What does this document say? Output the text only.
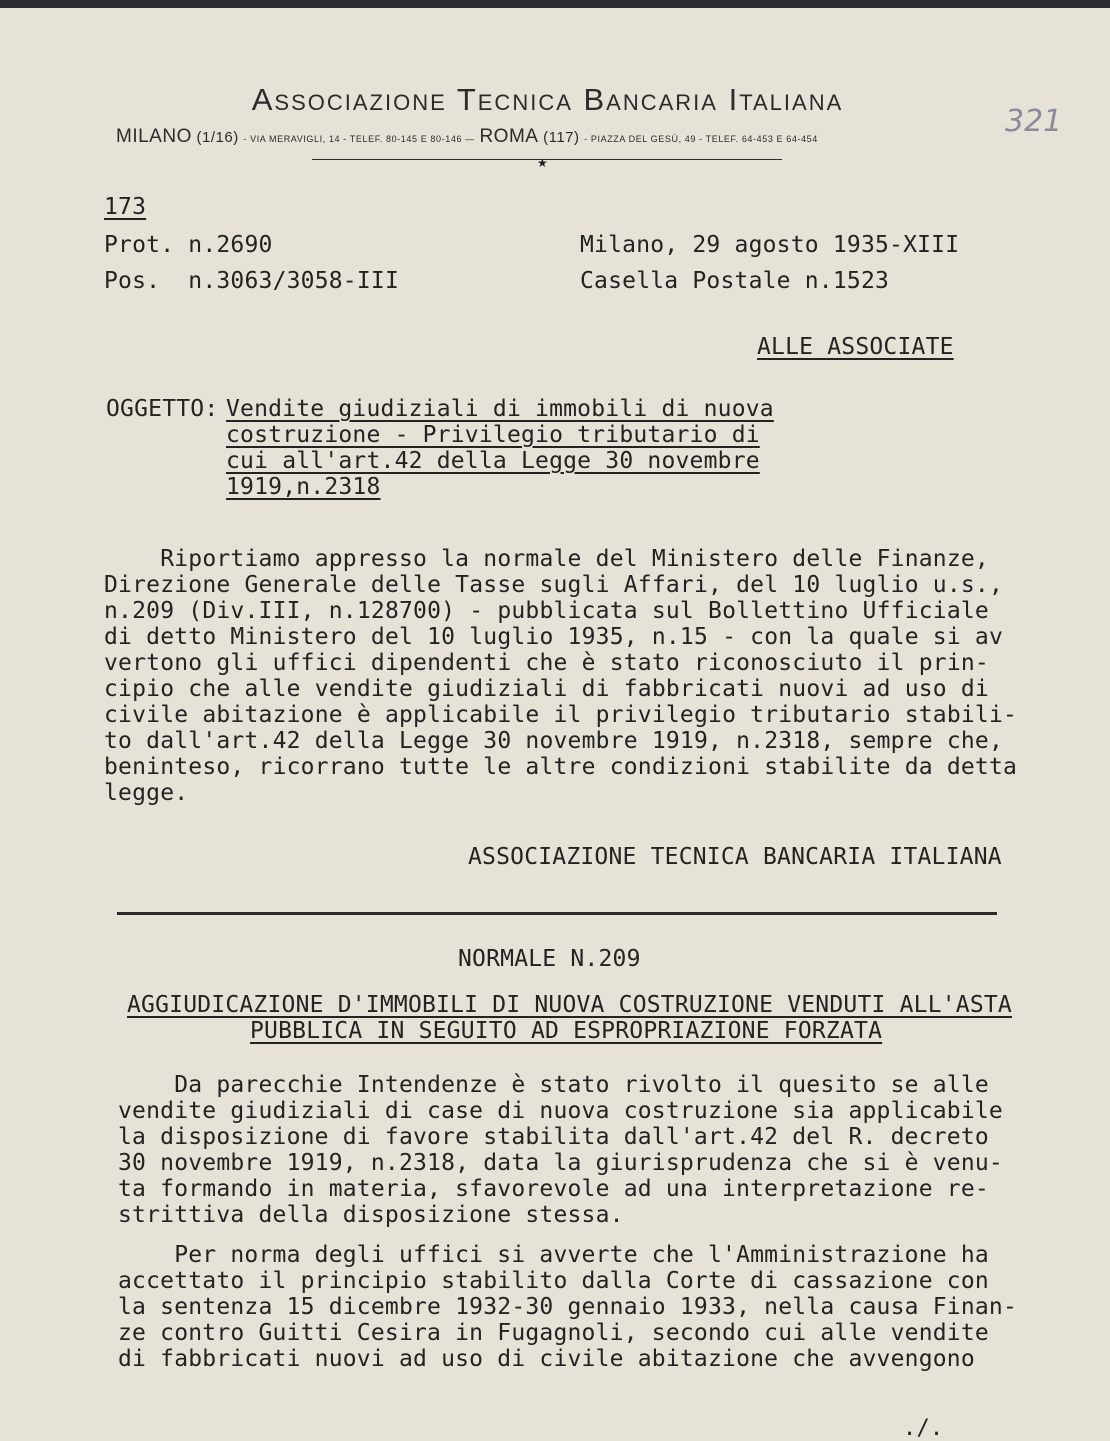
Associazione Tecnica Bancaria Italiana
MILANO (1/16) - VIA MERAVIGLI, 14 - TELEF. 80-145 E 80-146 — ROMA (117) - PIAZZA DEL GESÙ, 49 - TELEF. 64-453 E 64-454
★
321
173
Prot. n.2690
Pos.  n.3063/3058-III
Milano, 29 agosto 1935-XIII
Casella Postale n.1523
ALLE ASSOCIATE
OGGETTO: Vendite giudiziali di immobili di nuova
costruzione - Privilegio tributario di
cui all'art.42 della Legge 30 novembre
1919,n.2318
Riportiamo appresso la normale del Ministero delle Finanze,
Direzione Generale delle Tasse sugli Affari, del 10 luglio u.s.,
n.209 (Div.III, n.128700) - pubblicata sul Bollettino Ufficiale
di detto Ministero del 10 luglio 1935, n.15 - con la quale si av
vertono gli uffici dipendenti che è stato riconosciuto il prin-
cipio che alle vendite giudiziali di fabbricati nuovi ad uso di
civile abitazione è applicabile il privilegio tributario stabili-
to dall'art.42 della Legge 30 novembre 1919, n.2318, sempre che,
beninteso, ricorrano tutte le altre condizioni stabilite da detta
legge.
ASSOCIAZIONE TECNICA BANCARIA ITALIANA
NORMALE N.209
AGGIUDICAZIONE D'IMMOBILI DI NUOVA COSTRUZIONE VENDUTI ALL'ASTA
PUBBLICA IN SEGUITO AD ESPROPRIAZIONE FORZATA
Da parecchie Intendenze è stato rivolto il quesito se alle
vendite giudiziali di case di nuova costruzione sia applicabile
la disposizione di favore stabilita dall'art.42 del R. decreto
30 novembre 1919, n.2318, data la giurisprudenza che si è venu-
ta formando in materia, sfavorevole ad una interpretazione re-
strittiva della disposizione stessa.
Per norma degli uffici si avverte che l'Amministrazione ha
accettato il principio stabilito dalla Corte di cassazione con
la sentenza 15 dicembre 1932-30 gennaio 1933, nella causa Finan-
ze contro Guitti Cesira in Fugagnoli, secondo cui alle vendite
di fabbricati nuovi ad uso di civile abitazione che avvengono
./.
